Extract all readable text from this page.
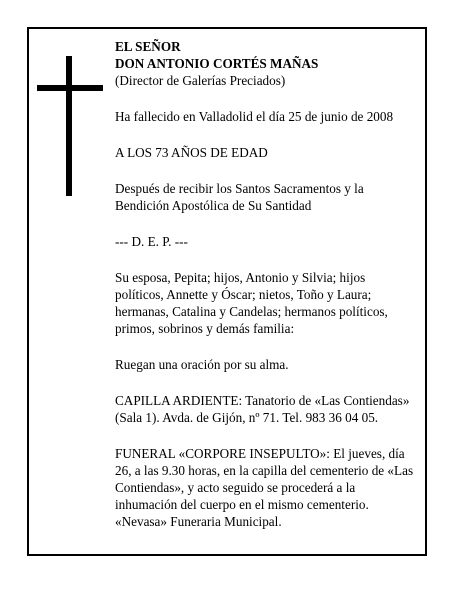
EL SEÑOR
DON ANTONIO CORTÉS MAÑAS
(Director de Galerías Preciados)
Ha fallecido en Valladolid el día 25 de junio de 2008
A LOS 73 AÑOS DE EDAD
Después de recibir los Santos Sacramentos y la
Bendición Apostólica de Su Santidad
--- D. E. P. ---
Su esposa, Pepita; hijos, Antonio y Silvia; hijos
políticos, Annette y Óscar; nietos, Toño y Laura;
hermanas, Catalina y Candelas; hermanos políticos,
primos, sobrinos y demás familia:
Ruegan una oración por su alma.
CAPILLA ARDIENTE: Tanatorio de «Las Contiendas»
(Sala 1). Avda. de Gijón, nº 71. Tel. 983 36 04 05.
FUNERAL «CORPORE INSEPULTO»: El jueves, día
26, a las 9.30 horas, en la capilla del cementerio de «Las
Contiendas», y acto seguido se procederá a la
inhumación del cuerpo en el mismo cementerio.
«Nevasa» Funeraria Municipal.
